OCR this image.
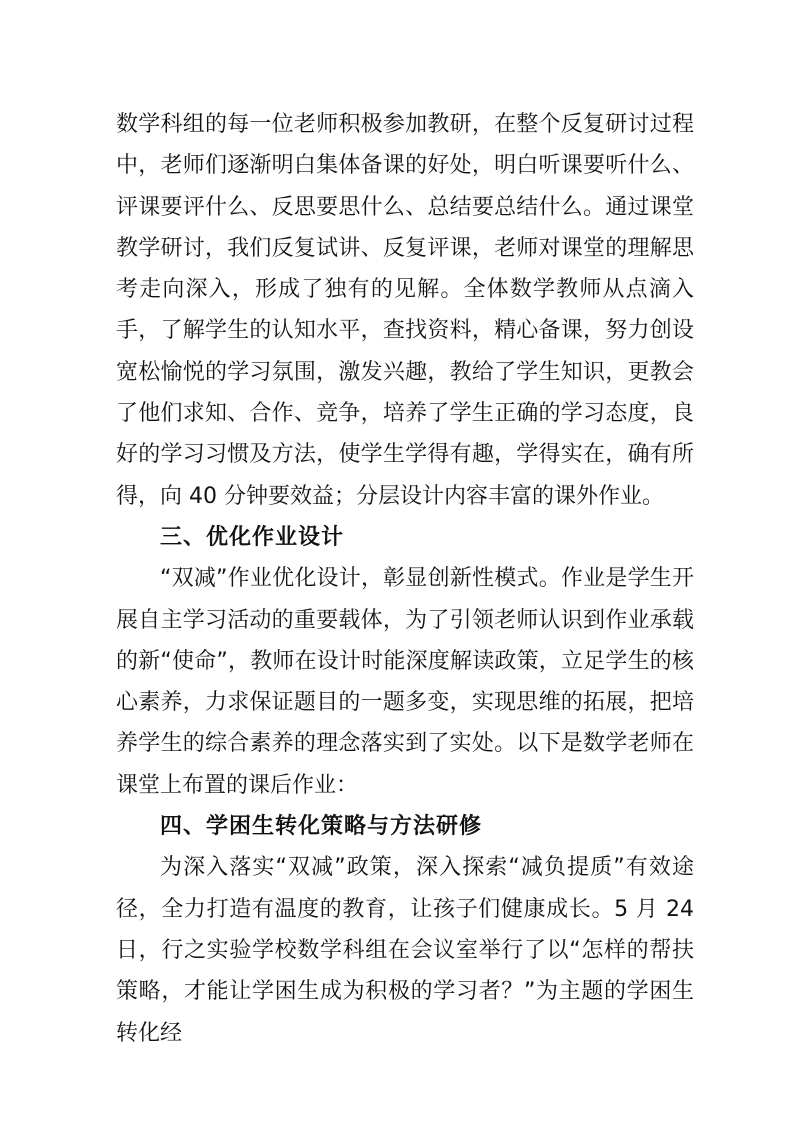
数学科组的每一位老师积极参加教研，在整个反复研讨过程中，老师们逐渐明白集体备课的好处，明白听课要听什么、评课要评什么、反思要思什么、总结要总结什么。通过课堂教学研讨，我们反复试讲、反复评课，老师对课堂的理解思考走向深入，形成了独有的见解。全体数学教师从点滴入手，了解学生的认知水平，查找资料，精心备课，努力创设宽松愉悦的学习氛围，激发兴趣，教给了学生知识，更教会了他们求知、合作、竞争，培养了学生正确的学习态度，良好的学习习惯及方法，使学生学得有趣，学得实在，确有所得，向 40 分钟要效益；分层设计内容丰富的课外作业。

三、优化作业设计

“双减”作业优化设计，彰显创新性模式。作业是学生开展自主学习活动的重要载体，为了引领老师认识到作业承载的新“使命”，教师在设计时能深度解读政策，立足学生的核心素养，力求保证题目的一题多变，实现思维的拓展，把培养学生的综合素养的理念落实到了实处。以下是数学老师在课堂上布置的课后作业：

四、学困生转化策略与方法研修

为深入落实“双减”政策，深入探索“减负提质”有效途径，全力打造有温度的教育，让孩子们健康成长。5 月 24 日，行之实验学校数学科组在会议室举行了以“怎样的帮扶策略，才能让学困生成为积极的学习者？”为主题的学困生转化经
